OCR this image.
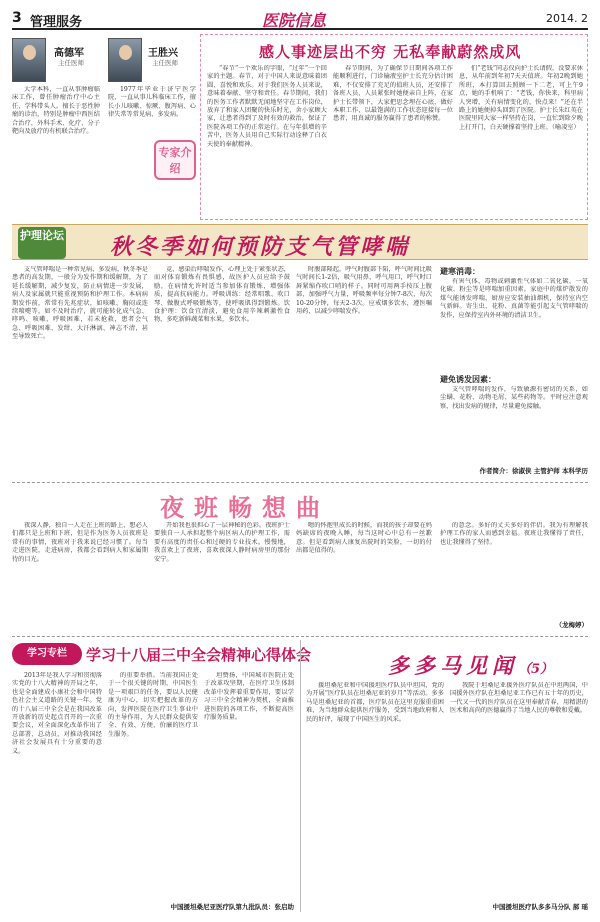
3 管理服务	医院信息	2014. 2
高德军
主任医师

大学本科，一直从事肿瘤临床工作，曾任肿瘤治疗中心主任，学科带头人。擅长于恶性肿瘤的诊治，特别是肿瘤中西医结合治疗，外科手术、化疗、分子靶向及放疗的有机联合治疗。

王胜兴
主任医师

1977年毕业于济宁医学院，一直从事儿科临床工作，擅长小儿咳嗽、惊厥、腹泻病、心律失常等常见病、多发病。

专家介绍
感人事迹层出不穷 无私奉献蔚然成风

“春节”一个欢乐的字眼，“过年”一个回家的主题。春节，对于中国人来说意味着团圆、喜悦和欢乐。对于我们医务人员来说，意味着奉献、坚守和责任。春节期间，我们的医务工作者默默无闻地坚守在工作岗位，放弃了和家人团聚的快乐时光，舍小家顾大家，让患者得到了及时有效的救治，保证了医院各项工作的正常运行。在与年俱增的辛苦中，医务人员用自己实际行动诠释了白衣天使的奉献精神。

春节期间，为了确保节日期间各项工作能顺利进行，门诊输液室护士长充分估计困难，不仅安排了充足的值班人员，还安排了备班人员，人员紧张时她便亲自上阵，在家护士长带领下，大家把思念埋在心底，做好本职工作，以最饱满的工作状态迎接每一位患者，用真诚的服务赢得了患者的称赞。

们“老钱”同志仅向护士长请假，没要求休息，从年前到年初7天天值班。年初2晚到她所班，本打算回去照顾一下二老，可上午9点，她的手机响了：“老钱，你快来，科里病人突增，关有病情变化的，快点来！”还在半路上的她便掉头回到了医院。护士长朱红英在医院里同大家一样坚持在岗，一直忙到除夕晚上打开门，白天硬撑着坚持上班。（喻凌室）

护理论坛 秋冬季如何预防支气管哮喘

支气管哮喘是一种常见病、多发病，秋冬季是患者的高发期，一般分为发作期和缓解期，为了延长缓解期，减少复发，防止病情进一步发展，病人及家属就只能重视预防和护理工作。本病病期发作前，常常有先兆症状，如咳嗽、胸闷或连续喷嚏等，如不及时治疗，就可能转化成气急、哮鸣、咳嗽、呼吸困难，若未抢救，患者会气急、呼吸困难、发绀、大汗淋漓、神志不清，甚至导致死亡。

竞、感染后哮喘发作，心理上处于紧张状态，而对体育锻炼有畏惧感，故医护人员应给予鼓励，在病情允许时适当参加体育锻炼，增强体质，提高抗病能力。呼吸训练：经常唱歌、吹口琴、做腹式呼吸锻炼等，使呼吸肌得到锻炼。饮食护理：饮食宜清淡，避免食用辛辣刺激性食物，多吃新鲜蔬菜和水果，多饮水。

时腹部隆起，呼气时腹部下陷，呼气时间比吸气时间长1-2倍，吸气用鼻，呼气用口，呼气时口唇紧缩作吹口哨的样子。同时可用两手按压上腹部，加强呼气力量，呼吸频率每分钟7-8次，每次10-20分钟，每天2-3次。应戒烟多饮水，遵医嘱用药，以减少哮喘发作。

避寒消毒：

有害气体、毒物或刺激性气体如二氧化碳、一氧化碳、粉尘等是哮喘加重因素。家庭中的煤炉散发的煤气能诱发哮喘，厨房应安装抽油烟机，保持室内空气新鲜。寄生虫、花粉、真菌等能引起支气管哮喘的发作，应保持室内外环境的清洁卫生。

避免诱发因素：

支气管哮喘的发作，与致敏源有密切的关系，如尘螨、花粉、动物毛屑、某些药物等。平时应注意观察，找出发病的规律，尽量避免接触。

作者简介：徐淑侠 主管护师 本科学历
夜班畅想曲

夜深人静，独自一人走在上班的路上，想必人们都只是上班和下班，但是作为医务人员夜班是常有的事情，夜班对于我来说已经习惯了。每当走进医院，走进病房，我都会看到病人和家属期待的目光。

开始我也很担心了一层神秘的色彩。夜班护士要独自一人承担起整个病区病人的护理工作，需要有高度的责任心和过硬的专业技术。慢慢地，我喜欢上了夜班，喜欢夜深人静时病房里的那份安宁。

嗯的怀抱里成长的时候，而我的孩子却要在妈妈缺席的夜晚入睡，每当这时心中总有一丝歉意。但是看到病人康复出院时的笑脸，一切的付出都是值得的。

的意念。多好的丈夫多好的伴侣。我为有理解我护理工作的家人而感到幸福。夜班让我懂得了责任，也让我懂得了坚持。

（龙梅婷）
学习专栏	学习十八届三中全会精神心得体会

2013年是我人学习和贯彻落实党的十八大精神的开局之年，也是全面建成小康社会和中国特色社会主义道路的关键一年。党的十八届三中全会是在我国改革开放新的历史起点召开的一次重要会议，对全面深化改革作出了总部署、总动员，对推动我国经济社会发展具有十分重要的意义。

的重要举措。当前我国正处于一个很关键的时期，中国医生是一项艰巨的任务，要以人民健康为中心，切实把握改革的方向，发挥医院在医疗卫生事业中的主导作用，为人民群众提供安全、有效、方便、价廉的医疗卫生服务。

坦赞扬，中国城市医院正处于改革攻坚期，在医疗卫生体制改革中发挥着重要作用，要以学习三中全会精神为契机，全面推进医院的各项工作，不断提高医疗服务质量。

中国援坦桑尼亚医疗队第九批队员：张启助
多多马见闻（5）

援坦桑尼亚和中国援坦医疗队员中坦国，党的为开展“医疗队员在坦桑尼亚的岁月”等活动。多多马是坦桑尼亚的首都，医疗队员在这里克服重重困难，为当地群众提供医疗服务，受到当地政府和人民的好评，展现了中国医生的风采。

我院于坦桑尼亚援外医疗队员在中坦两国，中国援外医疗队在坦桑尼亚工作已有五十年的历史，一代又一代的医疗队员在这里奉献青春，用精湛的医术和高尚的医德赢得了当地人民的尊敬和爱戴。

中国援坦医疗队多多马分队 郝 瑶
